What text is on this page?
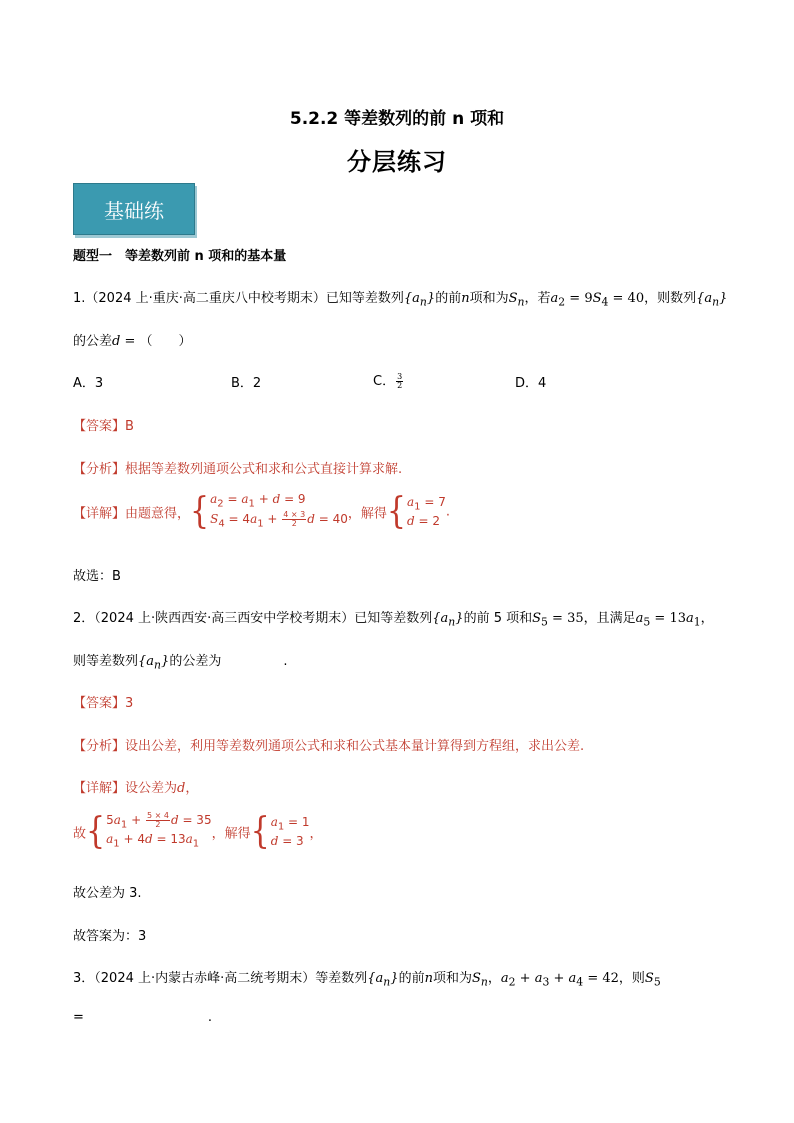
5.2.2 等差数列的前 n 项和
分层练习
基础练
题型一　等差数列前 n 项和的基本量
1.（2024 上·重庆·高二重庆八中校考期末）已知等差数列$\{a_n\}$的前n项和为$S_n$，若$a_2 = 9S_4 = 40$，则数列$\{a_n\}$
的公差d = （　　）
A．3	B．2	C． $\frac{3}{2}$	D．4
【答案】B
【分析】根据等差数列通项公式和求和公式直接计算求解.
【详解】由题意得， { $a_2 = a_1 + d = 9$
$S_4 = 4a_1 + \frac{4 \times 3}{2}$ d = 40 ，解得 { $a_1 = 7$
d = 2
.
故选：B
2．（2024 上·陕西西安·高三西安中学校考期末）已知等差数列$\{a_n\}$的前 5 项和$S_5 = 35$，且满足$a_5 = 13a_1$，
则等差数列$\{a_n\}$的公差为	.
【答案】3
【分析】设出公差，利用等差数列通项公式和求和公式基本量计算得到方程组，求出公差.
【详解】设公差为d，
故 { $5a_1 + \frac{5 \times 4}{2}$ d = 35
$a_1 + 4d = 13a_1$
，解得 { $a_1 = 1$
d = 3 ，
故公差为 3.
故答案为：3
3．（2024 上·内蒙古赤峰·高二统考期末）等差数列$\{a_n\}$的前n项和为$S_n$，$a_2 + a_3 + a_4 = 42$，则$S_5$
=	.
